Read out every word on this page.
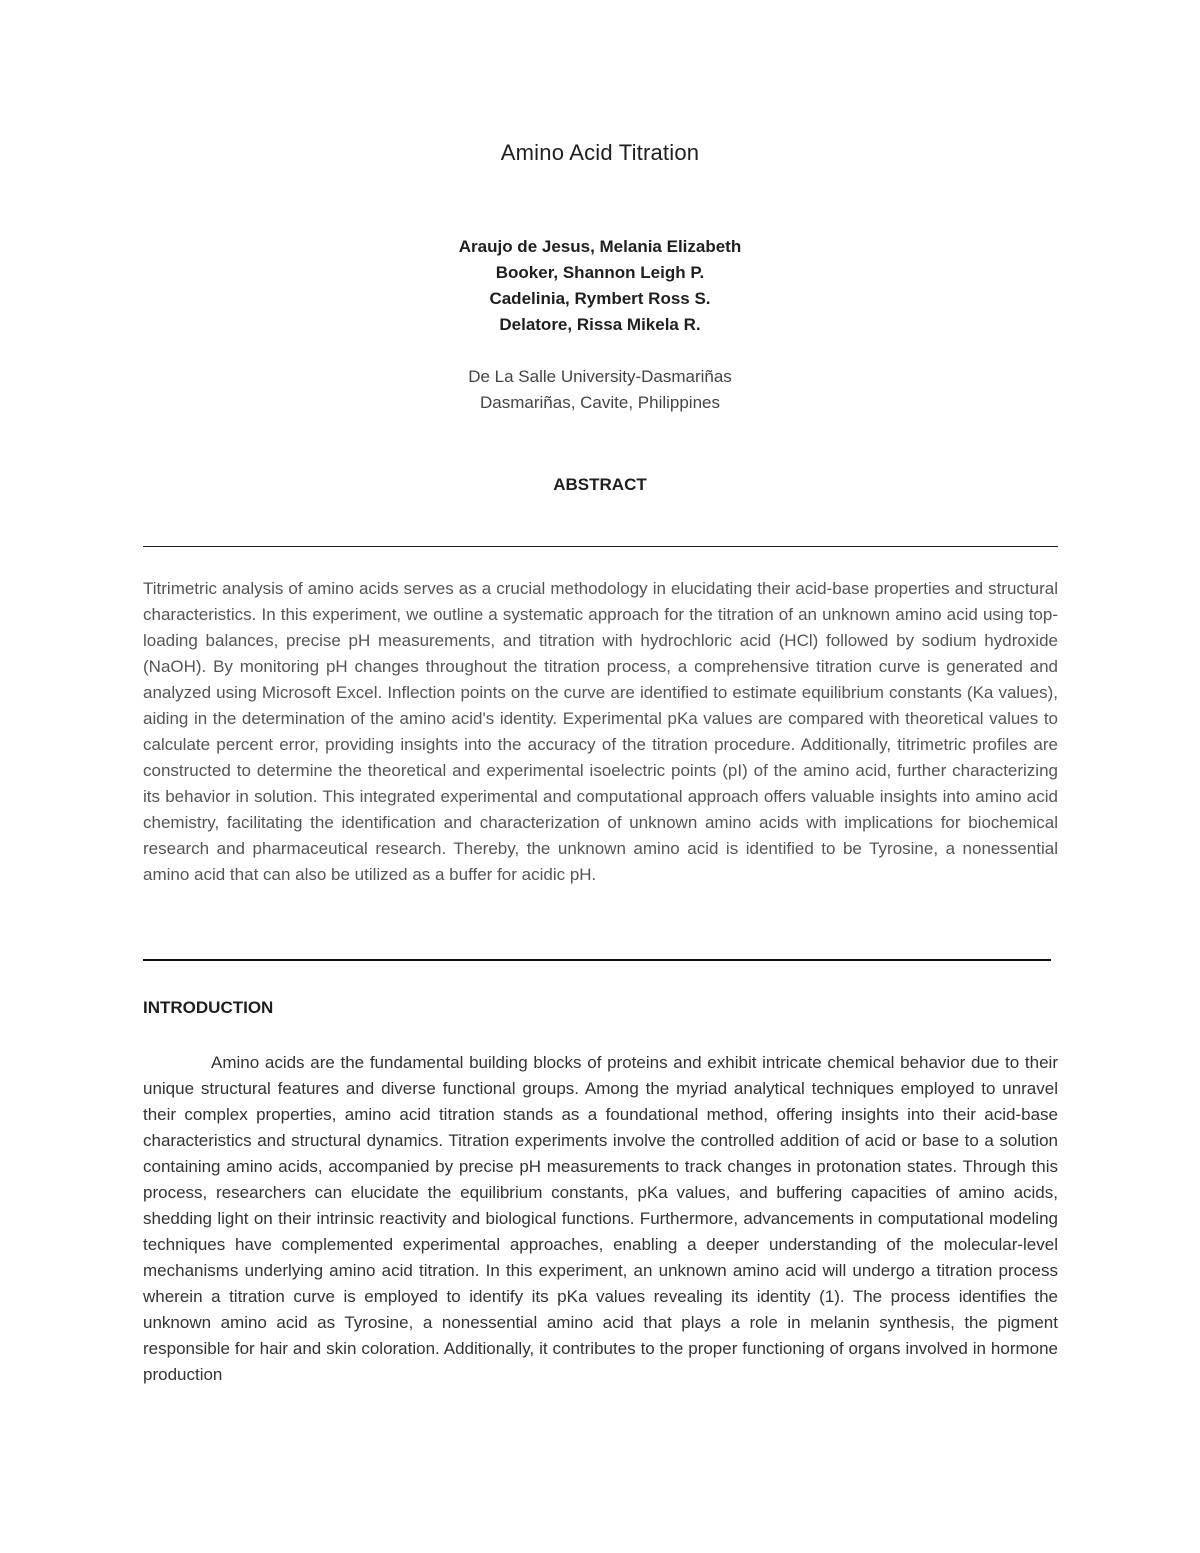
Amino Acid Titration
Araujo de Jesus, Melania Elizabeth
Booker, Shannon Leigh P.
Cadelinia, Rymbert Ross S.
Delatore, Rissa Mikela R.
De La Salle University-Dasmariñas
Dasmariñas, Cavite, Philippines
ABSTRACT
Titrimetric analysis of amino acids serves as a crucial methodology in elucidating their acid-base properties and structural characteristics. In this experiment, we outline a systematic approach for the titration of an unknown amino acid using top-loading balances, precise pH measurements, and titration with hydrochloric acid (HCl) followed by sodium hydroxide (NaOH). By monitoring pH changes throughout the titration process, a comprehensive titration curve is generated and analyzed using Microsoft Excel. Inflection points on the curve are identified to estimate equilibrium constants (Ka values), aiding in the determination of the amino acid's identity. Experimental pKa values are compared with theoretical values to calculate percent error, providing insights into the accuracy of the titration procedure. Additionally, titrimetric profiles are constructed to determine the theoretical and experimental isoelectric points (pI) of the amino acid, further characterizing its behavior in solution. This integrated experimental and computational approach offers valuable insights into amino acid chemistry, facilitating the identification and characterization of unknown amino acids with implications for biochemical research and pharmaceutical research. Thereby, the unknown amino acid is identified to be Tyrosine, a nonessential amino acid that can also be utilized as a buffer for acidic pH.
INTRODUCTION
Amino acids are the fundamental building blocks of proteins and exhibit intricate chemical behavior due to their unique structural features and diverse functional groups. Among the myriad analytical techniques employed to unravel their complex properties, amino acid titration stands as a foundational method, offering insights into their acid-base characteristics and structural dynamics. Titration experiments involve the controlled addition of acid or base to a solution containing amino acids, accompanied by precise pH measurements to track changes in protonation states. Through this process, researchers can elucidate the equilibrium constants, pKa values, and buffering capacities of amino acids, shedding light on their intrinsic reactivity and biological functions. Furthermore, advancements in computational modeling techniques have complemented experimental approaches, enabling a deeper understanding of the molecular-level mechanisms underlying amino acid titration. In this experiment, an unknown amino acid will undergo a titration process wherein a titration curve is employed to identify its pKa values revealing its identity (1). The process identifies the unknown amino acid as Tyrosine, a nonessential amino acid that plays a role in melanin synthesis, the pigment responsible for hair and skin coloration. Additionally, it contributes to the proper functioning of organs involved in hormone production
